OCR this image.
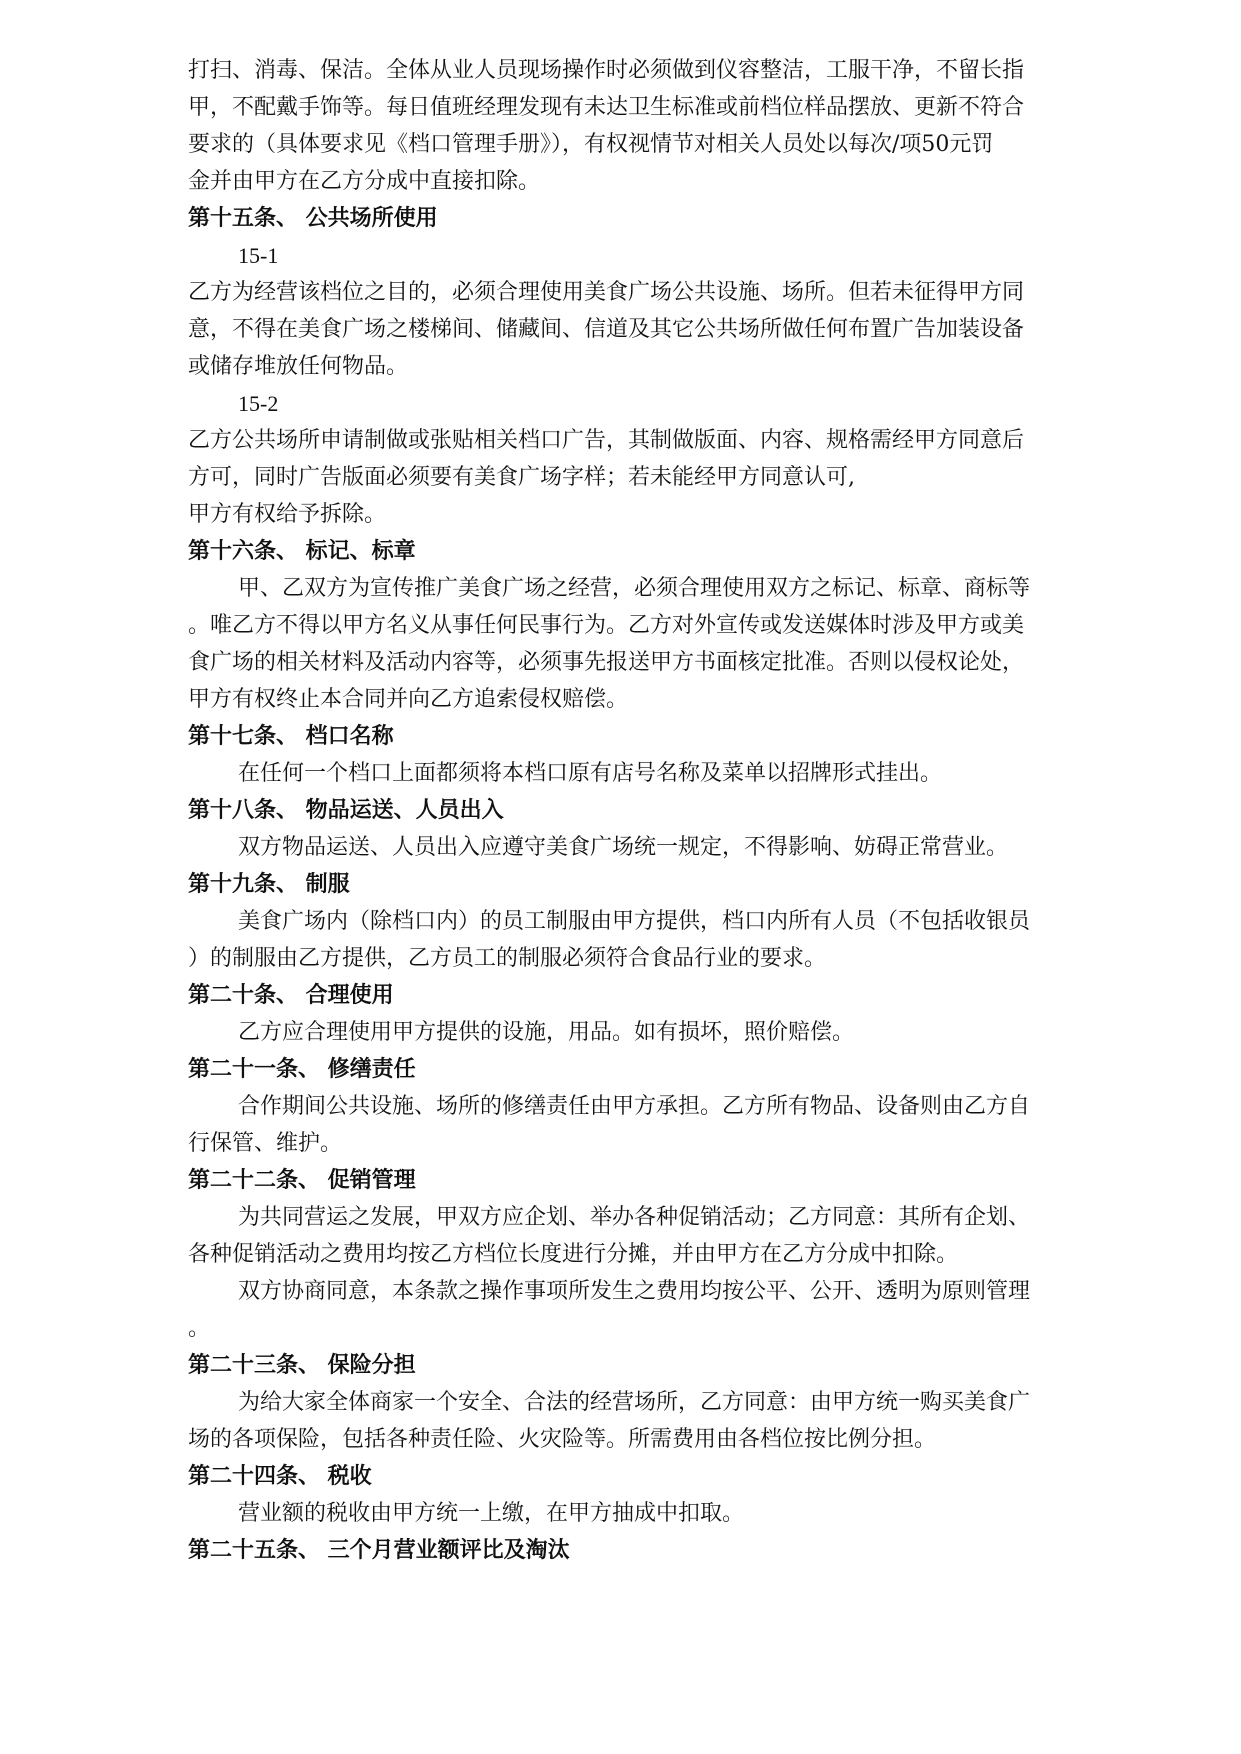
打扫、消毒、保洁。全体从业人员现场操作时必须做到仪容整洁，工服干净，不留长指
甲，不配戴手饰等。每日值班经理发现有未达卫生标准或前档位样品摆放、更新不符合
要求的（具体要求见《档口管理手册》），有权视情节对相关人员处以每次/项50元罚
金并由甲方在乙方分成中直接扣除。
第十五条、 公共场所使用
15-1
乙方为经营该档位之目的，必须合理使用美食广场公共设施、场所。但若未征得甲方同
意，不得在美食广场之楼梯间、储藏间、信道及其它公共场所做任何布置广告加装设备
或储存堆放任何物品。
15-2
乙方公共场所申请制做或张贴相关档口广告，其制做版面、内容、规格需经甲方同意后
方可，同时广告版面必须要有美食广场字样；若未能经甲方同意认可,
甲方有权给予拆除。
第十六条、 标记、标章
甲、乙双方为宣传推广美食广场之经营，必须合理使用双方之标记、标章、商标等
。唯乙方不得以甲方名义从事任何民事行为。乙方对外宣传或发送媒体时涉及甲方或美
食广场的相关材料及活动内容等，必须事先报送甲方书面核定批准。否则以侵权论处，
甲方有权终止本合同并向乙方追索侵权赔偿。
第十七条、 档口名称
在任何一个档口上面都须将本档口原有店号名称及菜单以招牌形式挂出。
第十八条、 物品运送、人员出入
双方物品运送、人员出入应遵守美食广场统一规定，不得影响、妨碍正常营业。
第十九条、 制服
美食广场内（除档口内）的员工制服由甲方提供，档口内所有人员（不包括收银员
）的制服由乙方提供，乙方员工的制服必须符合食品行业的要求。
第二十条、 合理使用
乙方应合理使用甲方提供的设施，用品。如有损坏，照价赔偿。
第二十一条、 修缮责任
合作期间公共设施、场所的修缮责任由甲方承担。乙方所有物品、设备则由乙方自
行保管、维护。
第二十二条、 促销管理
为共同营运之发展，甲双方应企划、举办各种促销活动；乙方同意：其所有企划、
各种促销活动之费用均按乙方档位长度进行分摊，并由甲方在乙方分成中扣除。
双方协商同意，本条款之操作事项所发生之费用均按公平、公开、透明为原则管理
。
第二十三条、 保险分担
为给大家全体商家一个安全、合法的经营场所，乙方同意：由甲方统一购买美食广
场的各项保险，包括各种责任险、火灾险等。所需费用由各档位按比例分担。
第二十四条、 税收
营业额的税收由甲方统一上缴，在甲方抽成中扣取。
第二十五条、 三个月营业额评比及淘汰
